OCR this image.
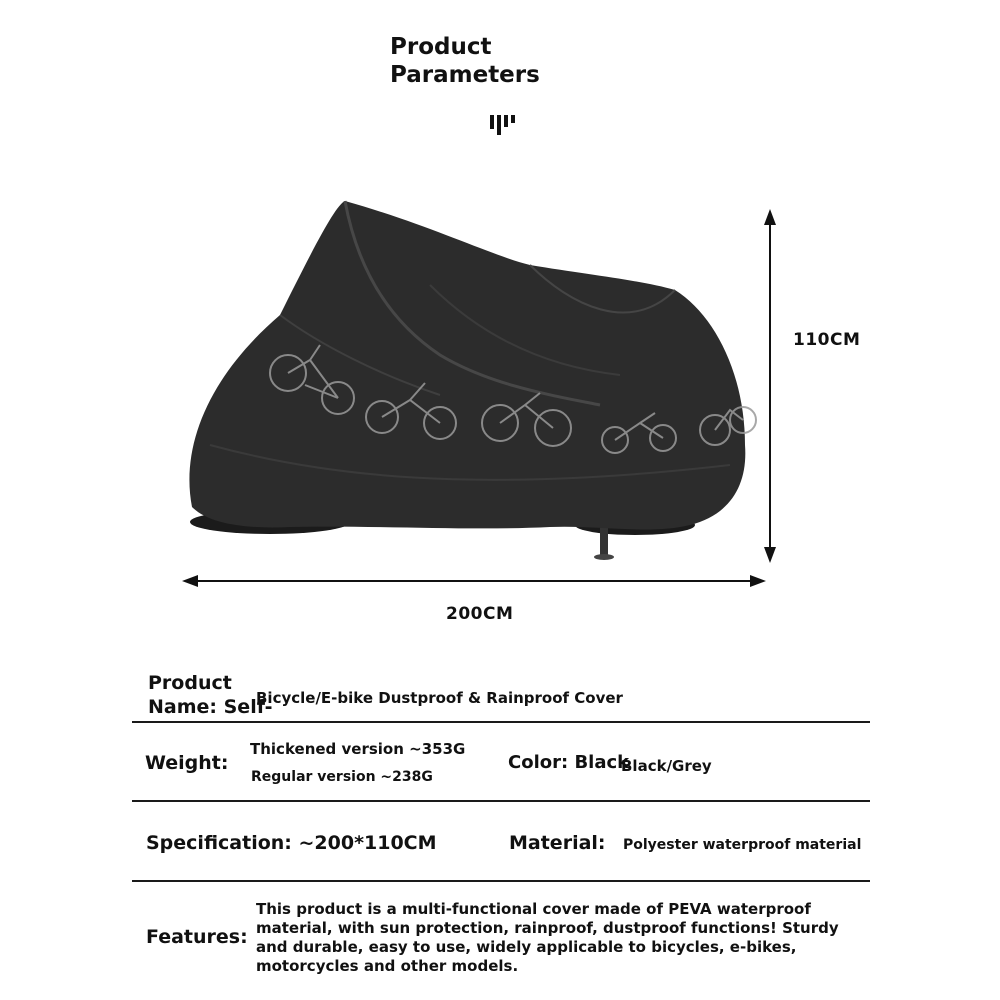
Product
Parameters
110CM
200CM
Product
Name: Self-
Bicycle/E-bike Dustproof & Rainproof Cover
Weight:
Thickened version ~353G
Regular version ~238G
Color: Black
Black/Grey
Specification: ~200*110CM	Material: Polyester waterproof material
Features:
This product is a multi-functional cover made of PEVA waterproof material, with sun protection, rainproof, dustproof functions! Sturdy and durable, easy to use, widely applicable to bicycles, e-bikes, motorcycles and other models.
